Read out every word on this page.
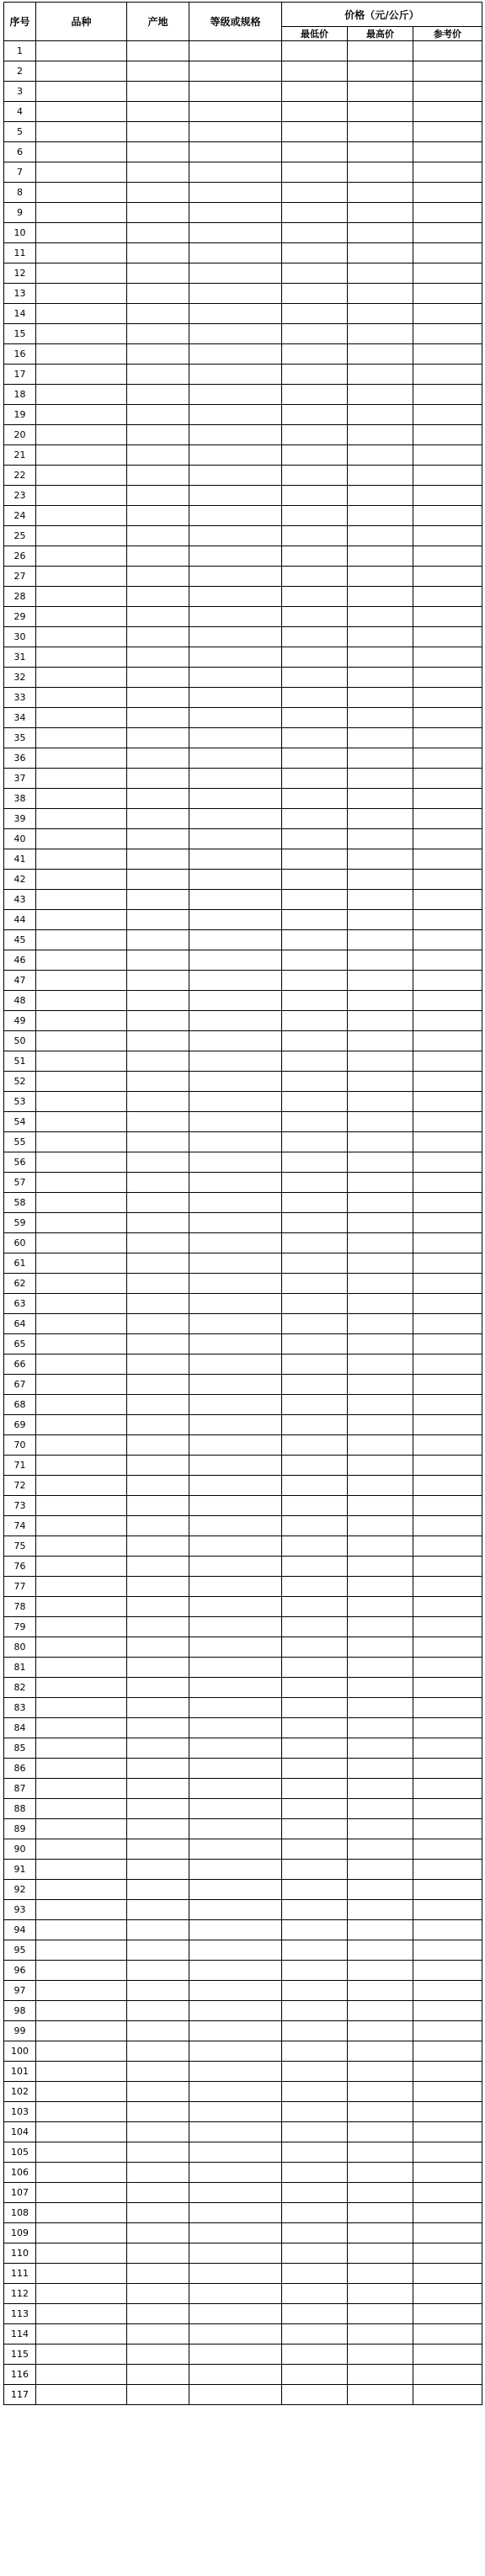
序号	品种	产地	等级或规格	价格（元/公斤）		
				最低价	最高价	参考价
1						
2						
3						
4						
5						
6						
7						
8						
9						
10						
11						
12						
13						
14						
15						
16						
17						
18						
19						
20						
21						
22						
23						
24						
25						
26						
27						
28						
29						
30						
31						
32						
33						
34						
35						
36						
37						
38						
39						
40						
41						
42						
43						
44						
45						
46						
47						
48						
49						
50						
51						
52						
53						
54						
55						
56						
57						
58						
59						
60						
61						
62						
63						
64						
65						
66						
67						
68						
69						
70						
71						
72						
73						
74						
75						
76						
77						
78						
79						
80						
81						
82						
83						
84						
85						
86						
87						
88						
89						
90						
91						
92						
93						
94						
95						
96						
97						
98						
99						
100						
101						
102						
103						
104						
105						
106						
107						
108						
109						
110						
111						
112						
113						
114						
115						
116						
117						
